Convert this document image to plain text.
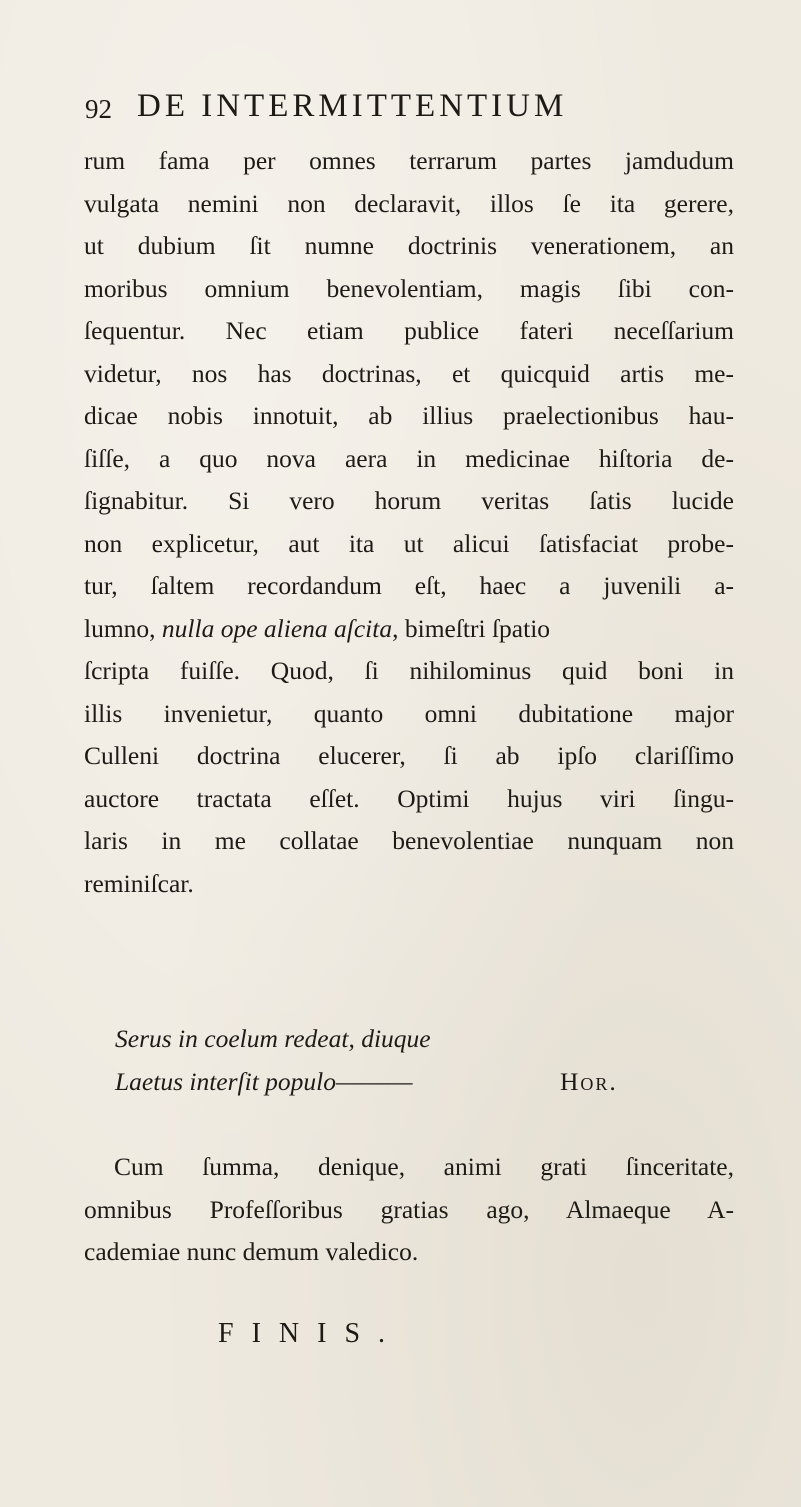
92 DE INTERMITTENTIUM
rum fama per omnes terrarum partes jamdudum
vulgata nemini non declaravit, illos ſe ita gerere,
ut dubium ſit numne doctrinis venerationem, an
moribus omnium benevolentiam, magis ſibi con-
ſequentur. Nec etiam publice fateri neceſſarium
videtur, nos has doctrinas, et quicquid artis me-
dicae nobis innotuit, ab illius praelectionibus hau-
ſiſſe, a quo nova aera in medicinae hiſtoria de-
ſignabitur. Si vero horum veritas ſatis lucide
non explicetur, aut ita ut alicui ſatisfaciat probe-
tur, ſaltem recordandum eſt, haec a juvenili a-
lumno, nulla ope aliena aſcita, bimeſtri ſpatio
ſcripta fuiſſe. Quod, ſi nihilominus quid boni in
illis invenietur, quanto omni dubitatione major
Culleni doctrina elucerer, ſi ab ipſo clariſſimo
auctore tractata eſſet. Optimi hujus viri ſingu-
laris in me collatae benevolentiae nunquam non
reminiſcar.
Serus in coelum redeat, diuque
Laetus interſit populo———	Hor.
Cum ſumma, denique, animi grati ſinceritate,
omnibus Profeſſoribus gratias ago, Almaeque A-
cademiae nunc demum valedico.
FINIS.
